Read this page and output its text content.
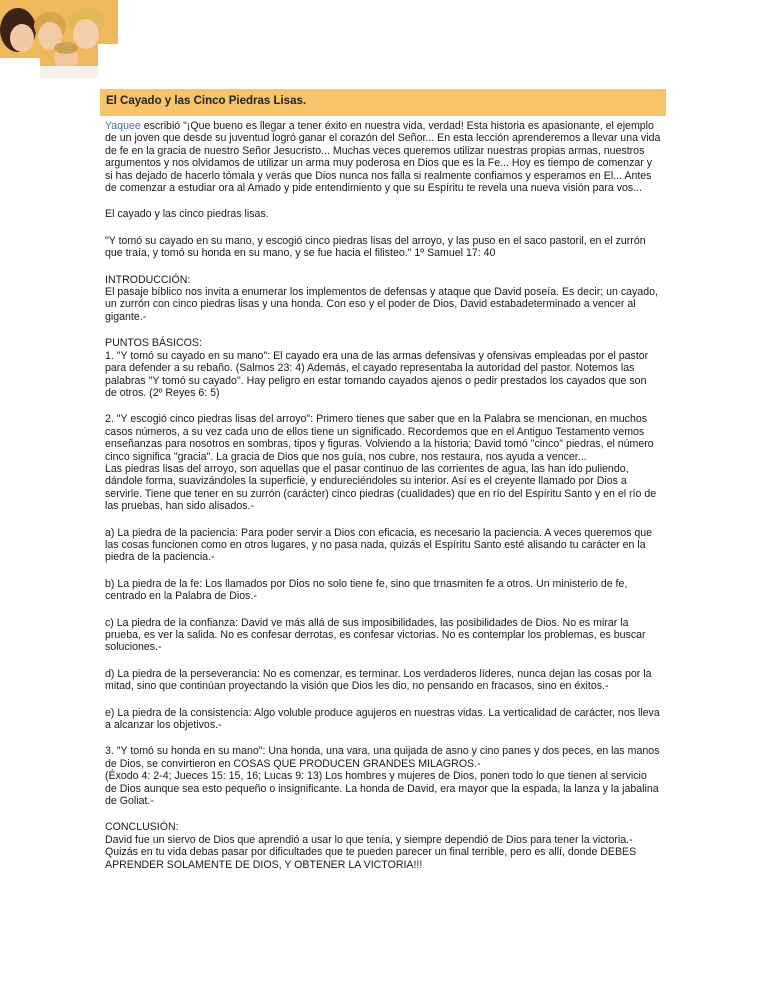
El Cayado y las Cinco Piedras Lisas.

Yaquee escribió "¡Que bueno es llegar a tener éxito en nuestra vida, verdad! Esta historia es apasionante, el ejemplo de un joven que desde su juventud logró ganar el corazón del Señor... En esta lección aprenderemos a llevar una vida de fe en la gracia de nuestro Señor Jesucristo... Muchas veces queremos utilizar nuestras propias armas, nuestros argumentos y nos olvidamos de utilizar un arma muy poderosa en Dios que es la Fe... Hoy es tiempo de comenzar y si has dejado de hacerlo tómala y verás que Dios nunca nos falla si realmente confiamos y esperamos en El... Antes de comenzar a estudiar ora al Amado y pide entendimiento y que su Espíritu te revela una nueva visión para vos...

El cayado y las cinco piedras lisas.

"Y tomó su cayado en su mano, y escogió cinco piedras lisas del arroyo, y las puso en el saco pastoril, en el zurrón que traía, y tomó su honda en su mano, y se fue hacia el filisteo." 1º Samuel 17: 40

INTRODUCCIÓN:
El pasaje bíblico nos invita a enumerar los implementos de defensas y ataque que David poseía. Es decir; un cayado, un zurrón con cinco piedras lisas y una honda. Con eso y el poder de Dios, David estabadeterminado a vencer al gigante.-

PUNTOS BÁSICOS:
1. "Y tomó su cayado en su mano": El cayado era una de las armas defensivas y ofensivas empleadas por el pastor para defender a su rebaño. (Salmos 23: 4) Además, el cayado representaba la autoridad del pastor. Notemos las palabras "Y tomó su cayado". Hay peligro en estar tomando cayados ajenos o pedir prestados los cayados que son de otros. (2º Reyes 6: 5)

2. "Y escogió cinco piedras lisas del arroyo": Primero tienes que saber que en la Palabra se mencionan, en muchos casos números, a su vez cada uno de ellos tiene un significado. Recordemos que en el Antiguo Testamento vemos enseñanzas para nosotros en sombras, tipos y figuras. Volviendo a la historia; David tomó "cinco" piedras, el número cinco significa "gracia". La gracia de Dios que nos guía, nos cubre, nos restaura, nos ayuda a vencer...
Las piedras lisas del arroyo, son aquellas que el pasar continuo de las corrientes de agua, las han ido puliendo, dándole forma, suavizándoles la superficie, y endureciéndoles su interior. Así es el creyente llamado por Dios a servirle. Tiene que tener en su zurrón (carácter) cinco piedras (cualidades) que en río del Espíritu Santo y en el río de las pruebas, han sido alisados.-

a) La piedra de la paciencia: Para poder servir a Dios con eficacia, es necesario la paciencia. A veces queremos que las cosas funcionen como en otros lugares, y no pasa nada, quizás el Espíritu Santo esté alisando tu carácter en la piedra de la paciencia.-

b) La piedra de la fe: Los llamados por Dios no solo tiene fe, sino que trnasmiten fe a otros. Un ministerio de fe, centrado en la Palabra de Dios.-

c) La piedra de la confianza: David ve más allá de sus imposibilidades, las posibilidades de Dios. No es mirar la prueba, es ver la salida. No es confesar derrotas, es confesar victorias. No es contemplar los problemas, es buscar soluciones.-

d) La piedra de la perseverancia: No es comenzar, es terminar. Los verdaderos líderes, nunca dejan las cosas por la mitad, sino que continúan proyectando la visión que Dios les dio, no pensando en fracasos, sino en éxitos.-

e) La piedra de la consistencia: Algo voluble produce agujeros en nuestras vidas. La verticalidad de carácter, nos lleva a alcanzar los objetivos.-

3. "Y tomó su honda en su mano": Una honda, una vara, una quijada de asno y cino panes y dos peces, en las manos de Dios, se convirtieron en COSAS QUE PRODUCEN GRANDES MILAGROS.-
(Éxodo 4: 2-4; Jueces 15: 15, 16; Lucas 9: 13) Los hombres y mujeres de Dios, ponen todo lo que tienen al servicio de Dios aunque sea esto pequeño o insignificante. La honda de David, era mayor que la espada, la lanza y la jabalina de Goliat.-

CONCLUSIÓN:
David fue un siervo de Dios que aprendió a usar lo que tenía, y siempre dependió de Dios para tener la victoria.- Quizás en tu vida debas pasar por dificultades que te pueden parecer un final terrible, pero es allí, donde DEBES APRENDER SOLAMENTE DE DIOS, Y OBTENER LA VICTORIA!!!
